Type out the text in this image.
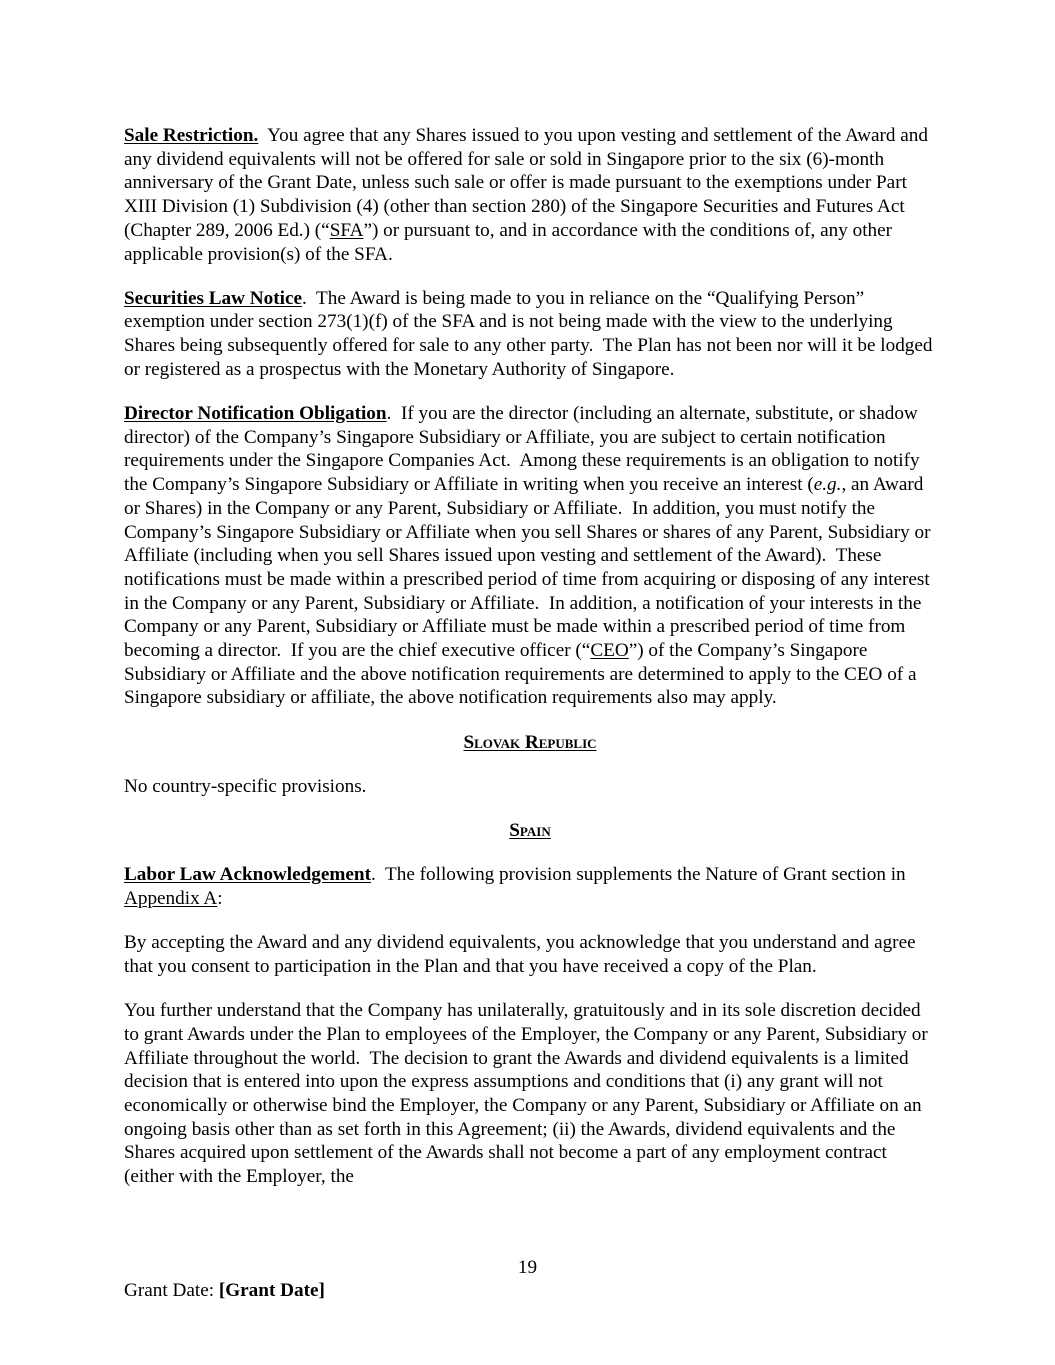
Sale Restriction.  You agree that any Shares issued to you upon vesting and settlement of the Award and any dividend equivalents will not be offered for sale or sold in Singapore prior to the six (6)-month anniversary of the Grant Date, unless such sale or offer is made pursuant to the exemptions under Part XIII Division (1) Subdivision (4) (other than section 280) of the Singapore Securities and Futures Act (Chapter 289, 2006 Ed.) (“SFA”) or pursuant to, and in accordance with the conditions of, any other applicable provision(s) of the SFA.

Securities Law Notice.  The Award is being made to you in reliance on the “Qualifying Person” exemption under section 273(1)(f) of the SFA and is not being made with the view to the underlying Shares being subsequently offered for sale to any other party.  The Plan has not been nor will it be lodged or registered as a prospectus with the Monetary Authority of Singapore.

Director Notification Obligation.  If you are the director (including an alternate, substitute, or shadow director) of the Company’s Singapore Subsidiary or Affiliate, you are subject to certain notification requirements under the Singapore Companies Act.  Among these requirements is an obligation to notify the Company’s Singapore Subsidiary or Affiliate in writing when you receive an interest (e.g., an Award or Shares) in the Company or any Parent, Subsidiary or Affiliate.  In addition, you must notify the Company’s Singapore Subsidiary or Affiliate when you sell Shares or shares of any Parent, Subsidiary or Affiliate (including when you sell Shares issued upon vesting and settlement of the Award).  These notifications must be made within a prescribed period of time from acquiring or disposing of any interest in the Company or any Parent, Subsidiary or Affiliate.  In addition, a notification of your interests in the Company or any Parent, Subsidiary or Affiliate must be made within a prescribed period of time from becoming a director.  If you are the chief executive officer (“CEO”) of the Company’s Singapore Subsidiary or Affiliate and the above notification requirements are determined to apply to the CEO of a Singapore subsidiary or affiliate, the above notification requirements also may apply.

Slovak Republic

No country-specific provisions.

Spain

Labor Law Acknowledgement.  The following provision supplements the Nature of Grant section in Appendix A:

By accepting the Award and any dividend equivalents, you acknowledge that you understand and agree that you consent to participation in the Plan and that you have received a copy of the Plan.

You further understand that the Company has unilaterally, gratuitously and in its sole discretion decided to grant Awards under the Plan to employees of the Employer, the Company or any Parent, Subsidiary or Affiliate throughout the world.  The decision to grant the Awards and dividend equivalents is a limited decision that is entered into upon the express assumptions and conditions that (i) any grant will not economically or otherwise bind the Employer, the Company or any Parent, Subsidiary or Affiliate on an ongoing basis other than as set forth in this Agreement; (ii) the Awards, dividend equivalents and the Shares acquired upon settlement of the Awards shall not become a part of any employment contract (either with the Employer, the

19
Grant Date: [Grant Date]
